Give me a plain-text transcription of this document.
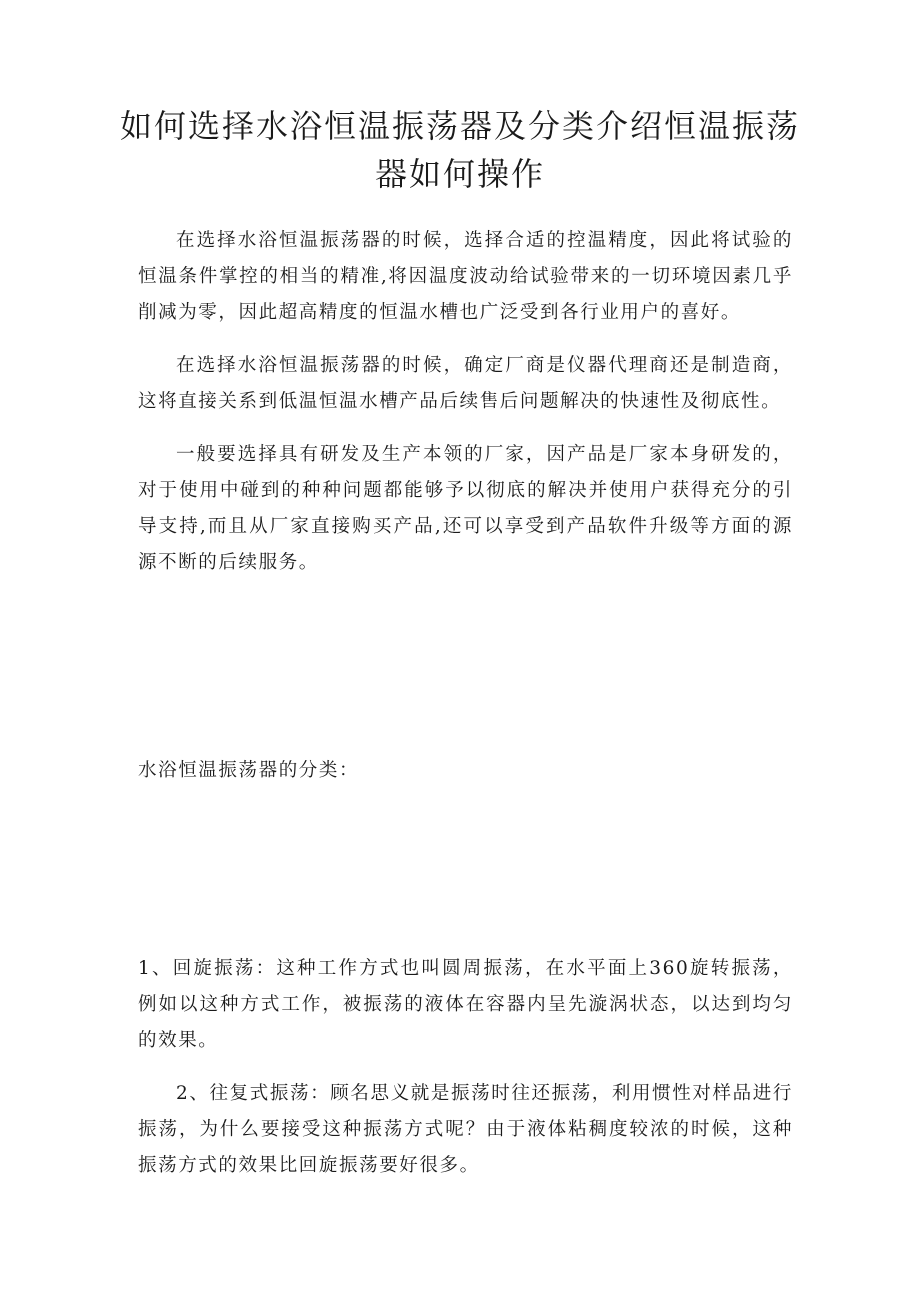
如何选择水浴恒温振荡器及分类介绍恒温振荡器如何操作

在选择水浴恒温振荡器的时候，选择合适的控温精度，因此将试验的恒温条件掌控的相当的精准,将因温度波动给试验带来的一切环境因素几乎削减为零，因此超高精度的恒温水槽也广泛受到各行业用户的喜好。

在选择水浴恒温振荡器的时候，确定厂商是仪器代理商还是制造商，这将直接关系到低温恒温水槽产品后续售后问题解决的快速性及彻底性。

一般要选择具有研发及生产本领的厂家，因产品是厂家本身研发的，对于使用中碰到的种种问题都能够予以彻底的解决并使用户获得充分的引导支持,而且从厂家直接购买产品,还可以享受到产品软件升级等方面的源源不断的后续服务。

水浴恒温振荡器的分类：

1、回旋振荡：这种工作方式也叫圆周振荡，在水平面上360旋转振荡，例如以这种方式工作，被振荡的液体在容器内呈先漩涡状态，以达到均匀的效果。

2、往复式振荡：顾名思义就是振荡时往还振荡，利用惯性对样品进行振荡，为什么要接受这种振荡方式呢？由于液体粘稠度较浓的时候，这种振荡方式的效果比回旋振荡要好很多。
